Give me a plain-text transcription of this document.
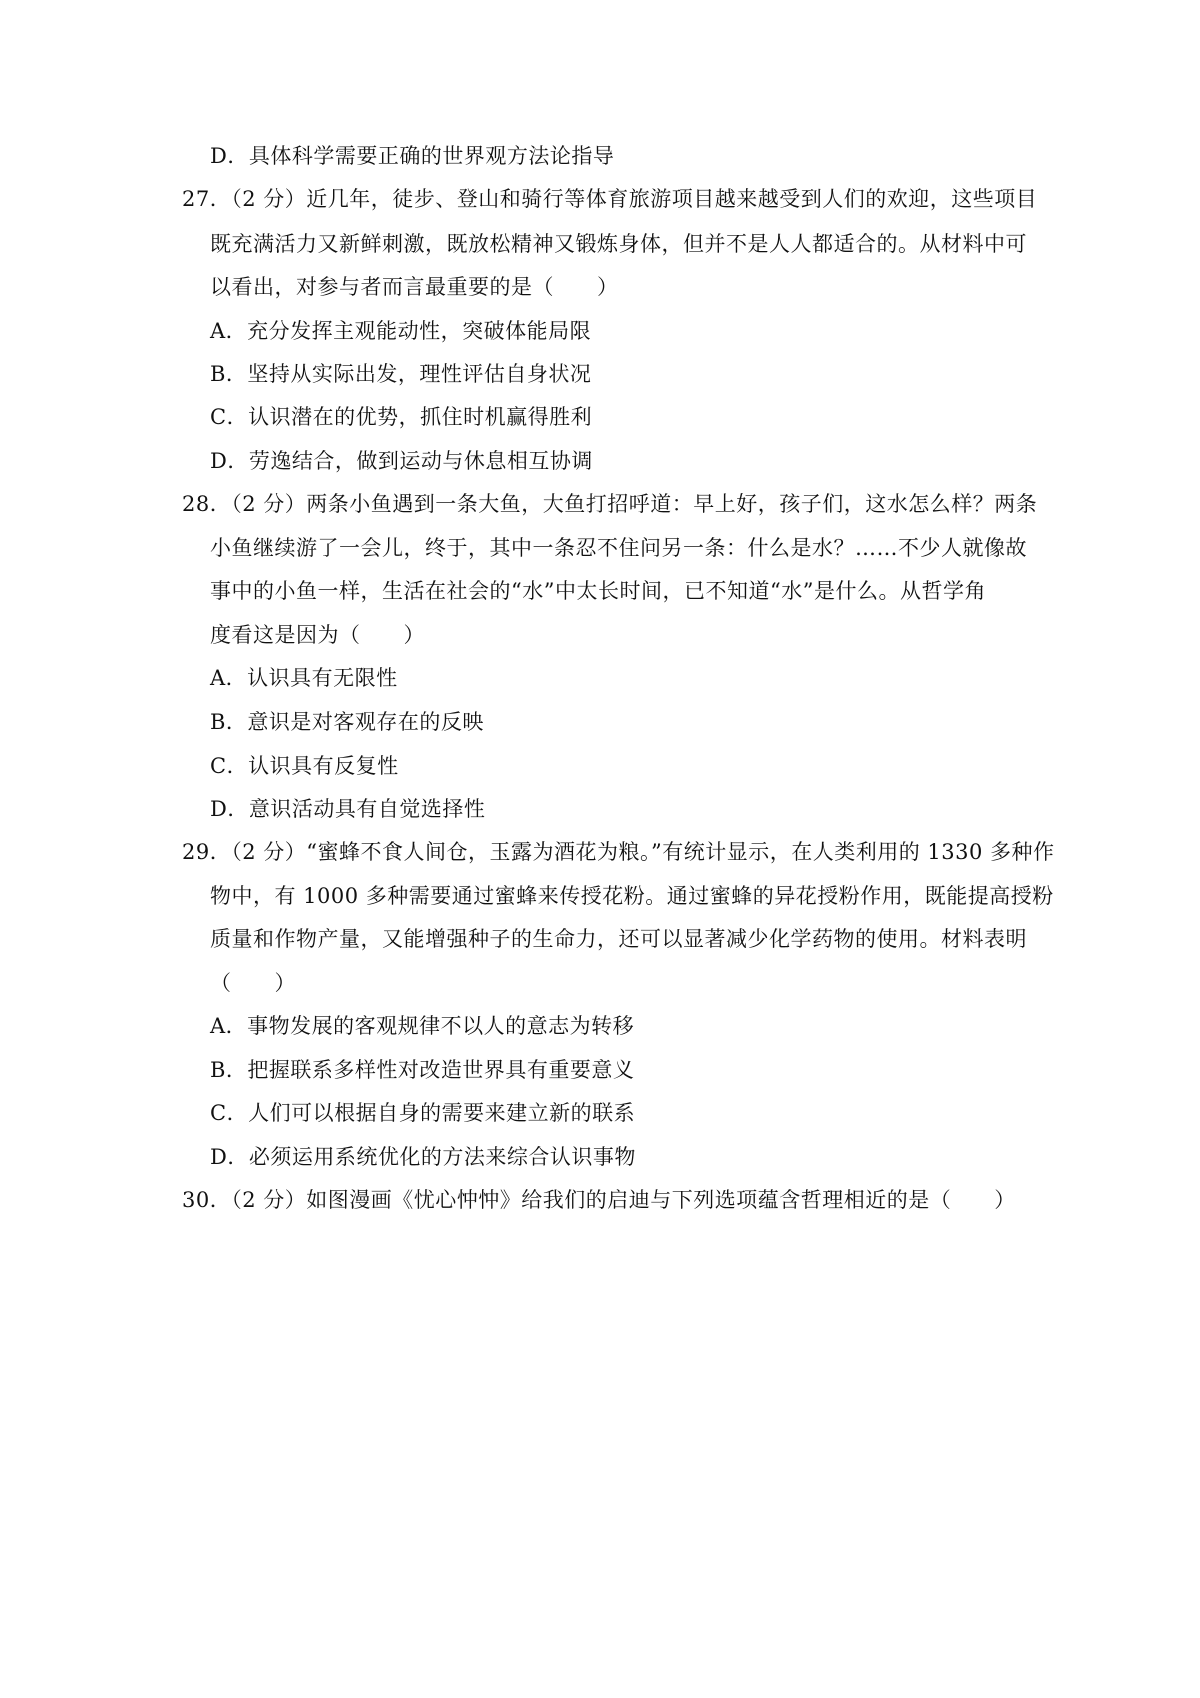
D．具体科学需要正确的世界观方法论指导
27．（2 分）近几年，徒步、登山和骑行等体育旅游项目越来越受到人们的欢迎，这些项目
既充满活力又新鲜刺激，既放松精神又锻炼身体，但并不是人人都适合的。从材料中可
以看出，对参与者而言最重要的是（　　）
A．充分发挥主观能动性，突破体能局限
B．坚持从实际出发，理性评估自身状况
C．认识潜在的优势，抓住时机赢得胜利
D．劳逸结合，做到运动与休息相互协调
28．（2 分）两条小鱼遇到一条大鱼，大鱼打招呼道：早上好，孩子们，这水怎么样？两条
小鱼继续游了一会儿，终于，其中一条忍不住问另一条：什么是水？……不少人就像故
事中的小鱼一样，生活在社会的“水”中太长时间，已不知道“水”是什么。从哲学角
度看这是因为（　　）
A．认识具有无限性
B．意识是对客观存在的反映
C．认识具有反复性
D．意识活动具有自觉选择性
29．（2 分）“蜜蜂不食人间仓，玉露为酒花为粮。”有统计显示，在人类利用的 1330 多种作
物中，有 1000 多种需要通过蜜蜂来传授花粉。通过蜜蜂的异花授粉作用，既能提高授粉
质量和作物产量，又能增强种子的生命力，还可以显著减少化学药物的使用。材料表明
（　　）
A．事物发展的客观规律不以人的意志为转移
B．把握联系多样性对改造世界具有重要意义
C．人们可以根据自身的需要来建立新的联系
D．必须运用系统优化的方法来综合认识事物
30．（2 分）如图漫画《忧心忡忡》给我们的启迪与下列选项蕴含哲理相近的是（　　）
